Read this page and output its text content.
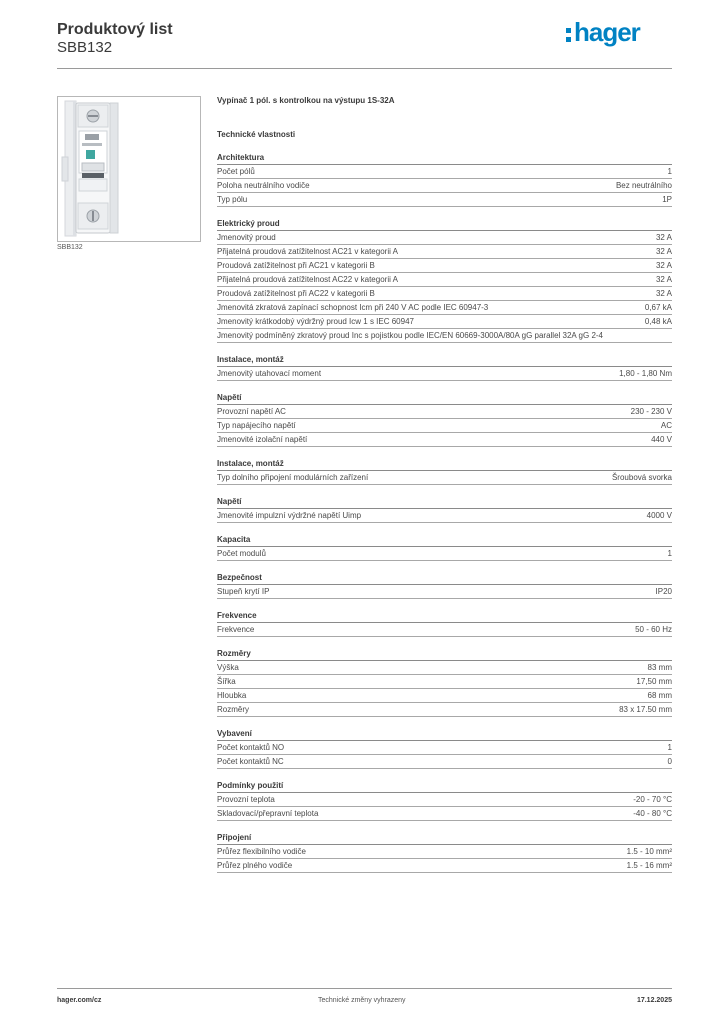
Produktový list
SBB132
hager
SBB132
Vypínač 1 pól. s kontrolkou na výstupu 1S-32A
Technické vlastnosti
Architektura
Počet pólů	1
Poloha neutrálního vodiče	Bez neutrálního
Typ pólu	1P
Elektrický proud
Jmenovitý proud	32 A
Přijatelná proudová zatížitelnost AC21 v kategorii A	32 A
Proudová zatížitelnost při AC21 v kategorii B	32 A
Přijatelná proudová zatížitelnost AC22 v kategorii A	32 A
Proudová zatížitelnost při AC22 v kategorii B	32 A
Jmenovitá zkratová zapínací schopnost Icm při 240 V AC podle IEC 60947-3	0,67 kA
Jmenovitý krátkodobý výdržný proud Icw 1 s IEC 60947	0,48 kA
Jmenovitý podmíněný zkratový proud Inc s pojistkou podle IEC/EN 60669-3000A/80A gG parallel 32A gG 2-4
Instalace, montáž
Jmenovitý utahovací moment	1,80 - 1,80 Nm
Napětí
Provozní napětí AC	230 - 230 V
Typ napájecího napětí	AC
Jmenovité izolační napětí	440 V
Instalace, montáž
Typ dolního připojení modulárních zařízení	Šroubová svorka
Napětí
Jmenovité impulzní výdržné napětí Uimp	4000 V
Kapacita
Počet modulů	1
Bezpečnost
Stupeň krytí IP	IP20
Frekvence
Frekvence	50 - 60 Hz
Rozměry
Výška	83 mm
Šířka	17,50 mm
Hloubka	68 mm
Rozměry	83 x 17.50 mm
Vybavení
Počet kontaktů NO	1
Počet kontaktů NC	0
Podmínky použití
Provozní teplota	-20 - 70 °C
Skladovací/přepravní teplota	-40 - 80 °C
Připojení
Průřez flexibilního vodiče	1.5 - 10 mm²
Průřez plného vodiče	1.5 - 16 mm²
hager.com/cz	Technické změny vyhrazeny	17.12.2025
